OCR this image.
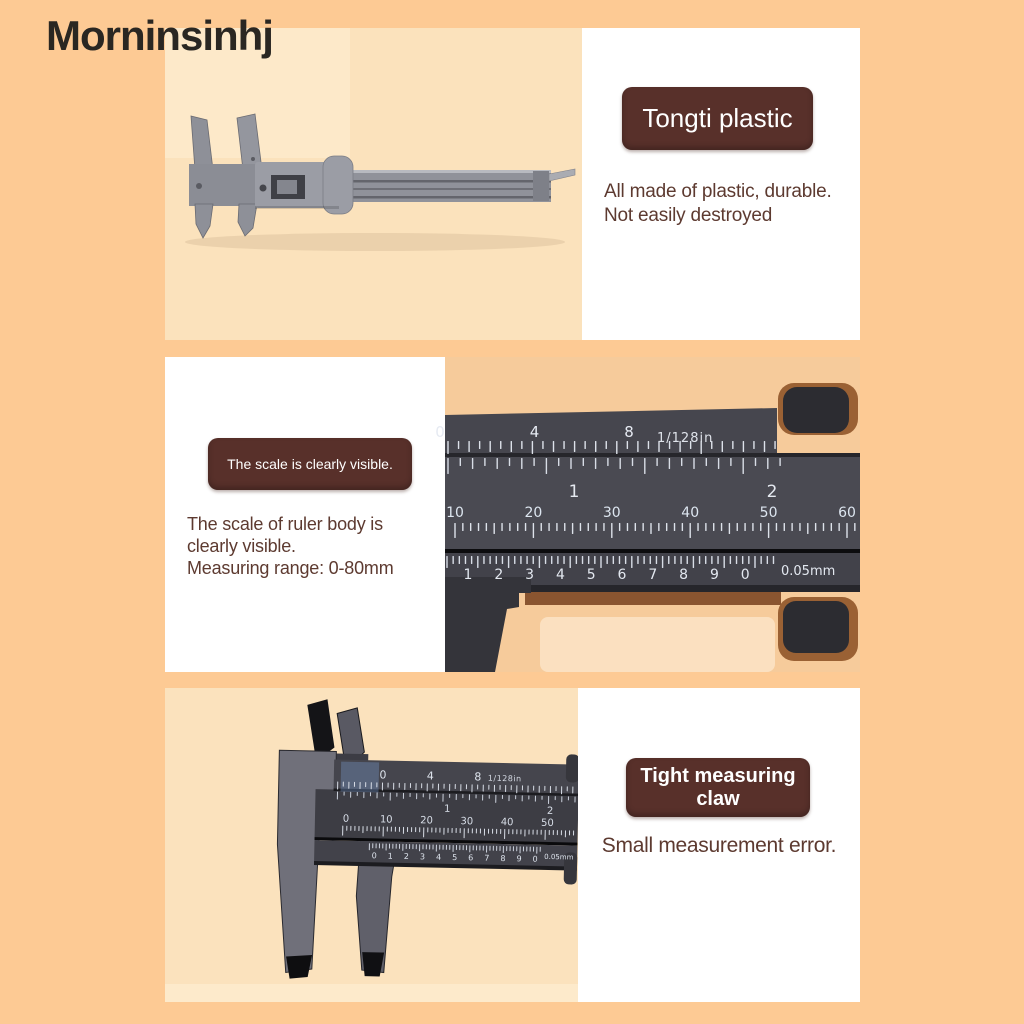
Morninsinhj
Tongti plastic
All made of plastic, durable.
Not easily destroyed
The scale is clearly visible.
The scale of ruler body is
clearly visible.
Measuring range: 0-80mm
0	4	8 1/128in
1	2
10	20	30	40	50	60
1 2 3 4 5 6 7 8 9 0 0.05mm
0	4	8 1/128in
1	2
0	10	20	30	40	50
0 1 2 3 4 5 6 7 8 9 0 0.05mm
Tight measuring claw
Small measurement error.
